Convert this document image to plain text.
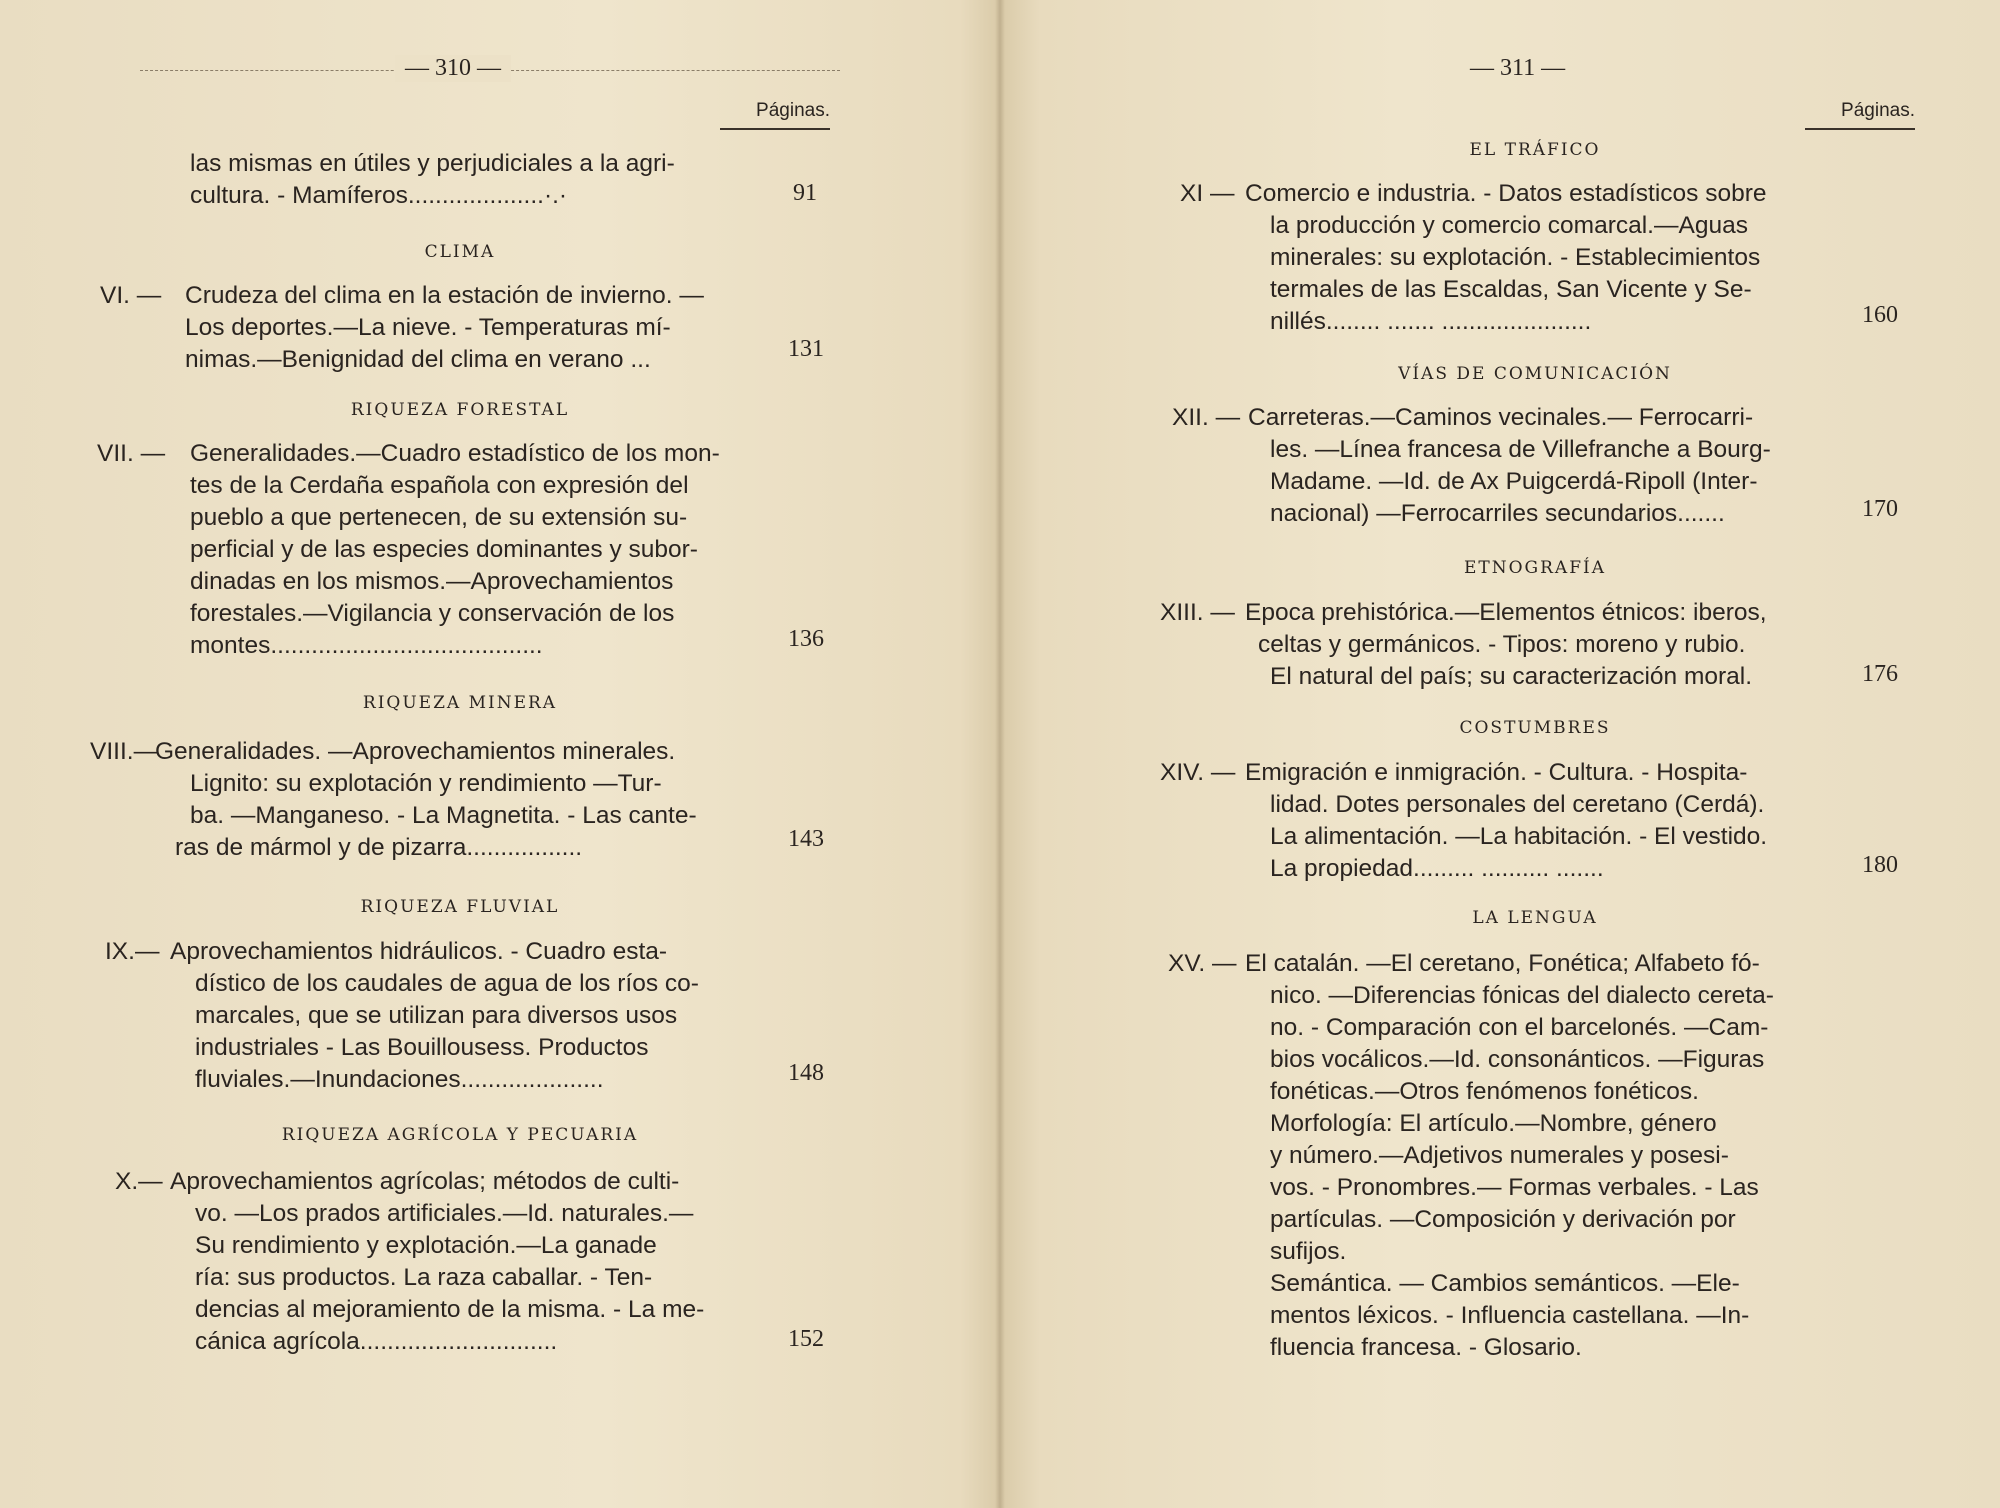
— 310 —
Páginas.
las mismas en útiles y perjudiciales a la agri-
cultura. - Mamíferos....................·.·	91
CLIMA
VI. — Crudeza del clima en la estación de invierno. —
Los deportes.—La nieve. - Temperaturas mí-
nimas.—Benignidad del clima en verano ...	131
RIQUEZA FORESTAL
VII. — Generalidades.—Cuadro estadístico de los mon-
tes de la Cerdaña española con expresión del
pueblo a que pertenecen, de su extensión su-
perficial y de las especies dominantes y subor-
dinadas en los mismos.—Aprovechamientos
forestales.—Vigilancia y conservación de los
montes........................................	136
RIQUEZA MINERA
VIII.—
Generalidades. —Aprovechamientos minerales.
Lignito: su explotación y rendimiento —Tur-
ba. —Manganeso. - La Magnetita. - Las cante-
ras de mármol y de pizarra.................	143
RIQUEZA FLUVIAL
IX.— Aprovechamientos hidráulicos. - Cuadro esta-
dístico de los caudales de agua de los ríos co-
marcales, que se utilizan para diversos usos
industriales - Las Bouillousess. Productos
fluviales.—Inundaciones.....................	148
RIQUEZA AGRÍCOLA Y PECUARIA
X.— Aprovechamientos agrícolas; métodos de culti-
vo. —Los prados artificiales.—Id. naturales.—
Su rendimiento y explotación.—La ganade
ría: sus productos. La raza caballar. - Ten-
dencias al mejoramiento de la misma. - La me-
cánica agrícola.............................	152
— 311 —
Páginas.
EL TRÁFICO
XI — Comercio e industria. - Datos estadísticos sobre
la producción y comercio comarcal.—Aguas
minerales: su explotación. - Establecimientos
termales de las Escaldas, San Vicente y Se-
nillés........ ....... ......................	160
VÍAS DE COMUNICACIÓN
XII. — Carreteras.—Caminos vecinales.— Ferrocarri-
les. —Línea francesa de Villefranche a Bourg-
Madame. —Id. de Ax Puigcerdá-Ripoll (Inter-
nacional) —Ferrocarriles secundarios.......	170
ETNOGRAFÍA
XIII. — Epoca prehistórica.—Elementos étnicos: iberos,
celtas y germánicos. - Tipos: moreno y rubio.
El natural del país; su caracterización moral.	176
COSTUMBRES
XIV. — Emigración e inmigración. - Cultura. - Hospita-
lidad. Dotes personales del ceretano (Cerdá).
La alimentación. —La habitación. - El vestido.
La propiedad......... .......... .......	180
LA LENGUA
XV. — El catalán. —El ceretano, Fonética; Alfabeto fó-
nico. —Diferencias fónicas del dialecto cereta-
no. - Comparación con el barcelonés. —Cam-
bios vocálicos.—Id. consonánticos. —Figuras
fonéticas.—Otros fenómenos fonéticos.
Morfología: El artículo.—Nombre, género
y número.—Adjetivos numerales y posesi-
vos. - Pronombres.— Formas verbales. - Las
partículas. —Composición y derivación por
sufijos.
Semántica. — Cambios semánticos. —Ele-
mentos léxicos. - Influencia castellana. —In-
fluencia francesa. - Glosario.
